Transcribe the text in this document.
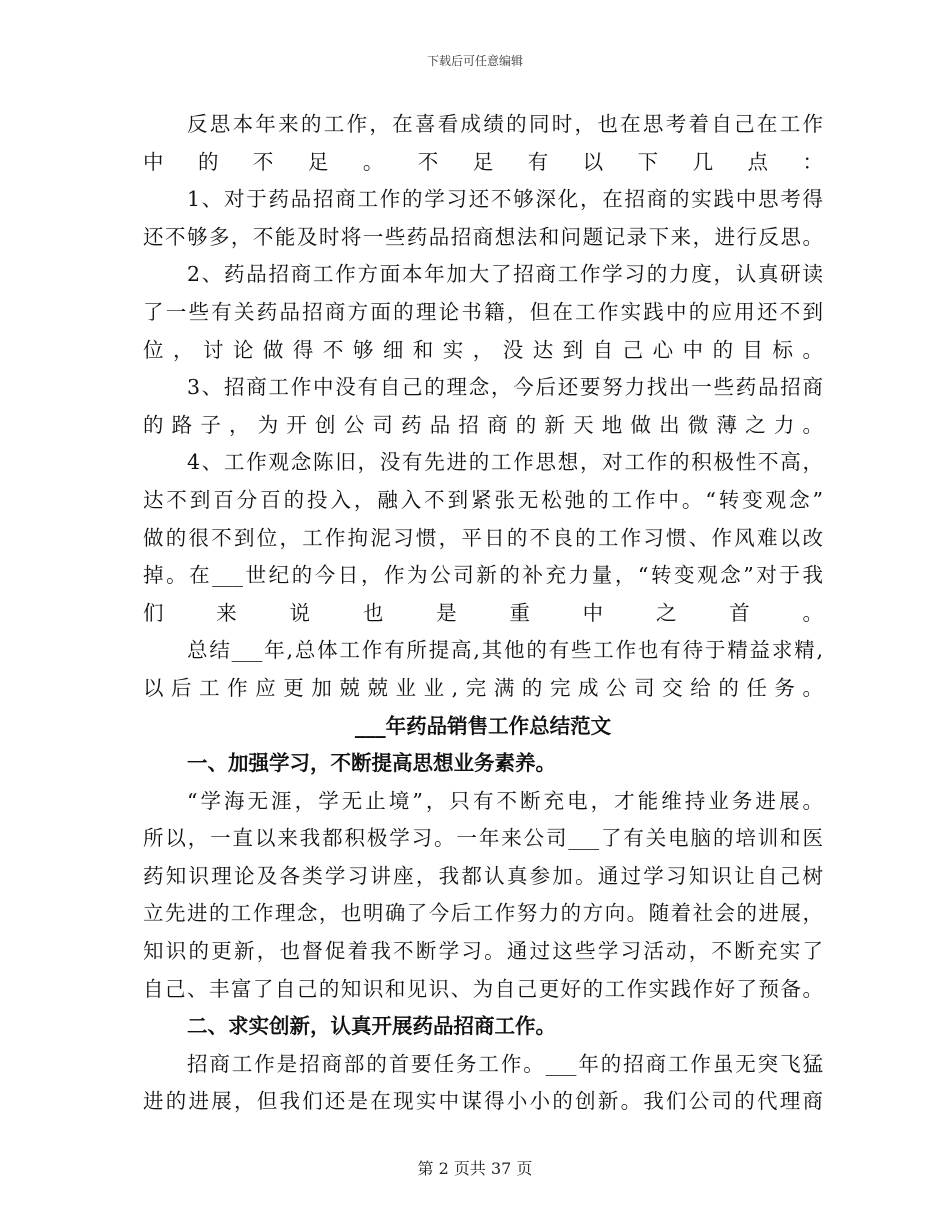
下载后可任意编辑
反思本年来的工作，在喜看成绩的同时，也在思考着自己在工作
中的不足。不足有以下几点：
1、对于药品招商工作的学习还不够深化，在招商的实践中思考得
还不够多，不能及时将一些药品招商想法和问题记录下来，进行反思。
2、药品招商工作方面本年加大了招商工作学习的力度，认真研读
了一些有关药品招商方面的理论书籍，但在工作实践中的应用还不到
位，讨论做得不够细和实，没达到自己心中的目标。
3、招商工作中没有自己的理念，今后还要努力找出一些药品招商
的路子，为开创公司药品招商的新天地做出微薄之力。
4、工作观念陈旧，没有先进的工作思想，对工作的积极性不高，
达不到百分百的投入，融入不到紧张无松弛的工作中。“转变观念”
做的很不到位，工作拘泥习惯，平日的不良的工作习惯、作风难以改
掉。在___世纪的今日，作为公司新的补充力量，“转变观念”对于我
们来说也是重中之首。
总结___年,总体工作有所提高,其他的有些工作也有待于精益求精,
以后工作应更加兢兢业业,完满的完成公司交给的任务。
___年药品销售工作总结范文
一、加强学习，不断提高思想业务素养。
“学海无涯，学无止境”，只有不断充电，才能维持业务进展。
所以，一直以来我都积极学习。一年来公司___了有关电脑的培训和医
药知识理论及各类学习讲座，我都认真参加。通过学习知识让自己树
立先进的工作理念，也明确了今后工作努力的方向。随着社会的进展，
知识的更新，也督促着我不断学习。通过这些学习活动，不断充实了
自己、丰富了自己的知识和见识、为自己更好的工作实践作好了预备。
二、求实创新，认真开展药品招商工作。
招商工作是招商部的首要任务工作。___年的招商工作虽无突飞猛
进的进展，但我们还是在现实中谋得小小的创新。我们公司的代理商
第 2 页共 37 页
